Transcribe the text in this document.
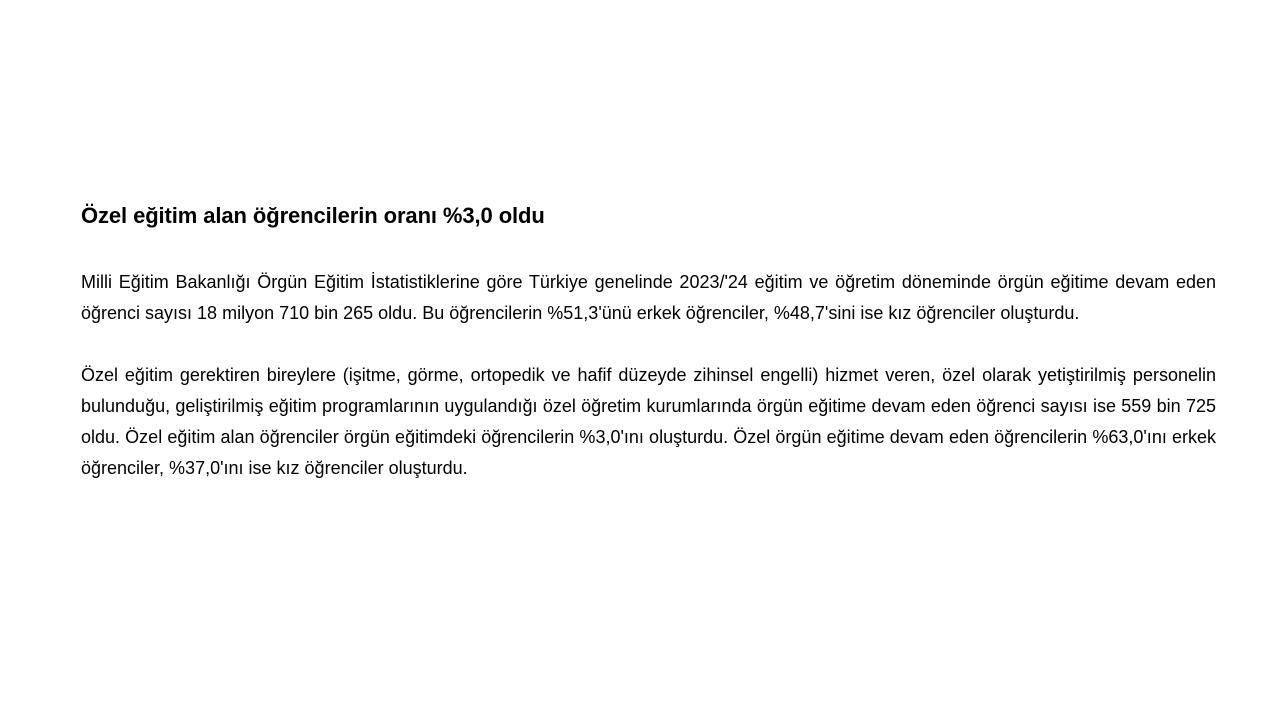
Özel eğitim alan öğrencilerin oranı %3,0 oldu

Milli Eğitim Bakanlığı Örgün Eğitim İstatistiklerine göre Türkiye genelinde 2023/'24 eğitim ve öğretim döneminde örgün eğitime devam eden öğrenci sayısı 18 milyon 710 bin 265 oldu. Bu öğrencilerin %51,3'ünü erkek öğrenciler, %48,7'sini ise kız öğrenciler oluşturdu.

Özel eğitim gerektiren bireylere (işitme, görme, ortopedik ve hafif düzeyde zihinsel engelli) hizmet veren, özel olarak yetiştirilmiş personelin bulunduğu, geliştirilmiş eğitim programlarının uygulandığı özel öğretim kurumlarında örgün eğitime devam eden öğrenci sayısı ise 559 bin 725 oldu. Özel eğitim alan öğrenciler örgün eğitimdeki öğrencilerin %3,0'ını oluşturdu. Özel örgün eğitime devam eden öğrencilerin %63,0'ını erkek öğrenciler, %37,0'ını ise kız öğrenciler oluşturdu.
